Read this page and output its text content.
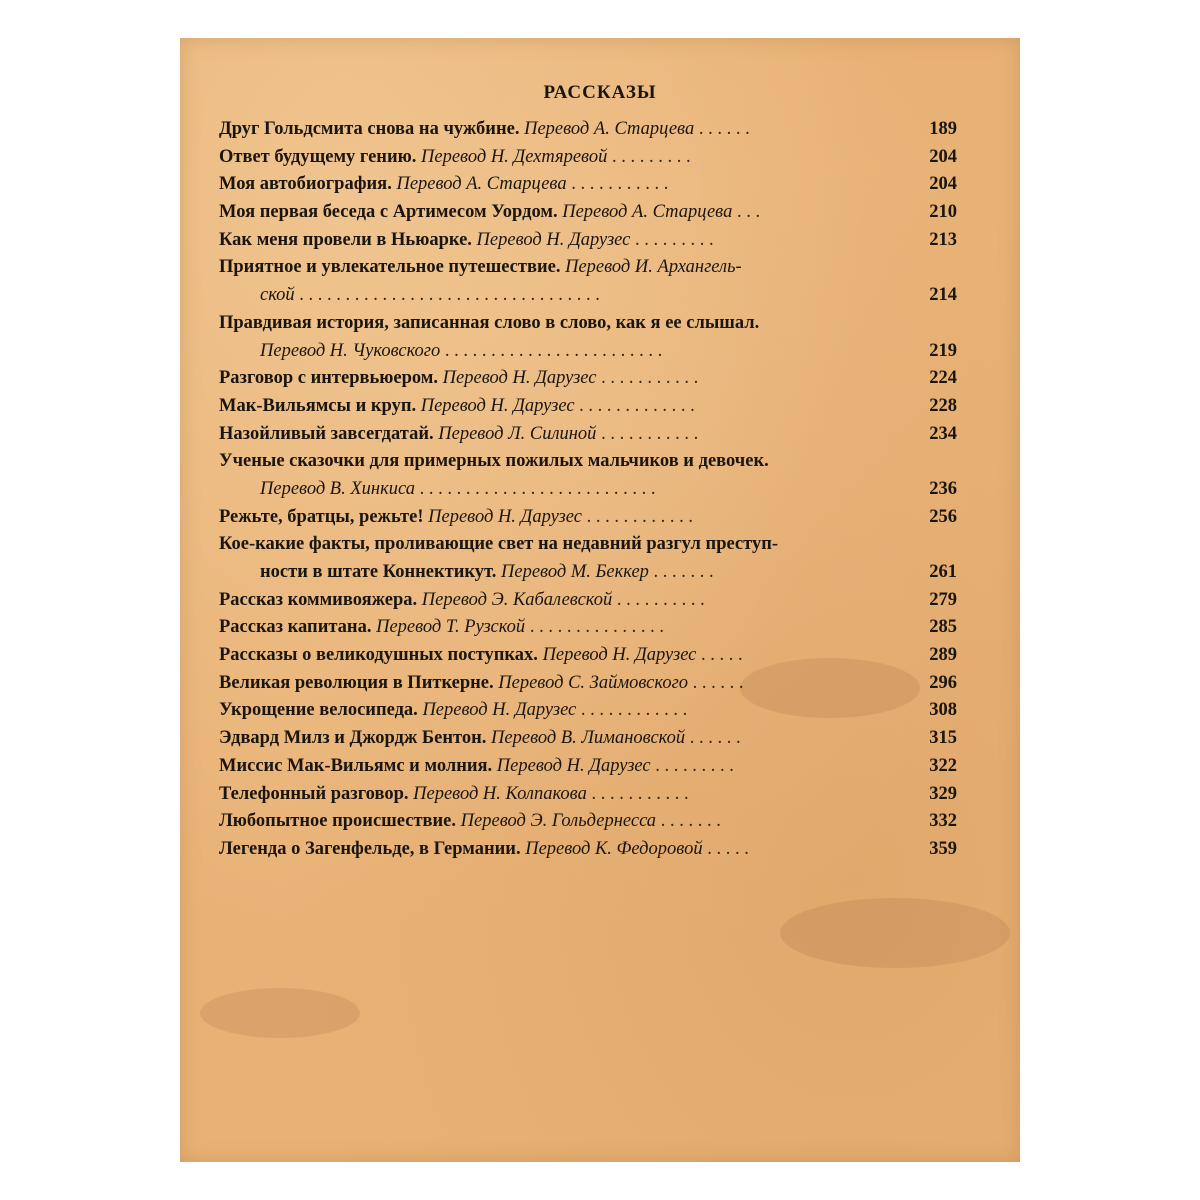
РАССКАЗЫ
Друг Гольдсмита снова на чужбине. Перевод А. Старцева . . . . . .	189
Ответ будущему гению. Перевод Н. Дехтяревой . . . . . . . . .	204
Моя автобиография. Перевод А. Старцева . . . . . . . . . . .	204
Моя первая беседа с Артимесом Уордом. Перевод А. Старцева . . .	210
Как меня провели в Ньюарке. Перевод Н. Дарузес . . . . . . . . .	213
Приятное и увлекательное путешествие. Перевод И. Архангель-
ской . . . . . . . . . . . . . . . . . . . . . . . . . . . . . . . . .	214
Правдивая история, записанная слово в слово, как я ее слышал.
Перевод Н. Чуковского . . . . . . . . . . . . . . . . . . . . . . . .	219
Разговор с интервьюером. Перевод Н. Дарузес . . . . . . . . . . .	224
Мак-Вильямсы и круп. Перевод Н. Дарузес . . . . . . . . . . . . .	228
Назойливый завсегдатай. Перевод Л. Силиной . . . . . . . . . . .	234
Ученые сказочки для примерных пожилых мальчиков и девочек.
Перевод В. Хинкиса . . . . . . . . . . . . . . . . . . . . . . . . . .	236
Режьте, братцы, режьте! Перевод Н. Дарузес . . . . . . . . . . . .	256
Кое-какие факты, проливающие свет на недавний разгул преступ-
ности в штате Коннектикут. Перевод М. Беккер . . . . . . .	261
Рассказ коммивояжера. Перевод Э. Кабалевской . . . . . . . . . .	279
Рассказ капитана. Перевод Т. Рузской . . . . . . . . . . . . . . .	285
Рассказы о великодушных поступках. Перевод Н. Дарузес . . . . .	289
Великая революция в Питкерне. Перевод С. Займовского . . . . . .	296
Укрощение велосипеда. Перевод Н. Дарузес . . . . . . . . . . . .	308
Эдвард Милз и Джордж Бентон. Перевод В. Лимановской . . . . . .	315
Миссис Мак-Вильямс и молния. Перевод Н. Дарузес . . . . . . . . .	322
Телефонный разговор. Перевод Н. Колпакова . . . . . . . . . . .	329
Любопытное происшествие. Перевод Э. Гольдернесса . . . . . . .	332
Легенда о Загенфельде, в Германии. Перевод К. Федоровой . . . . .	359
